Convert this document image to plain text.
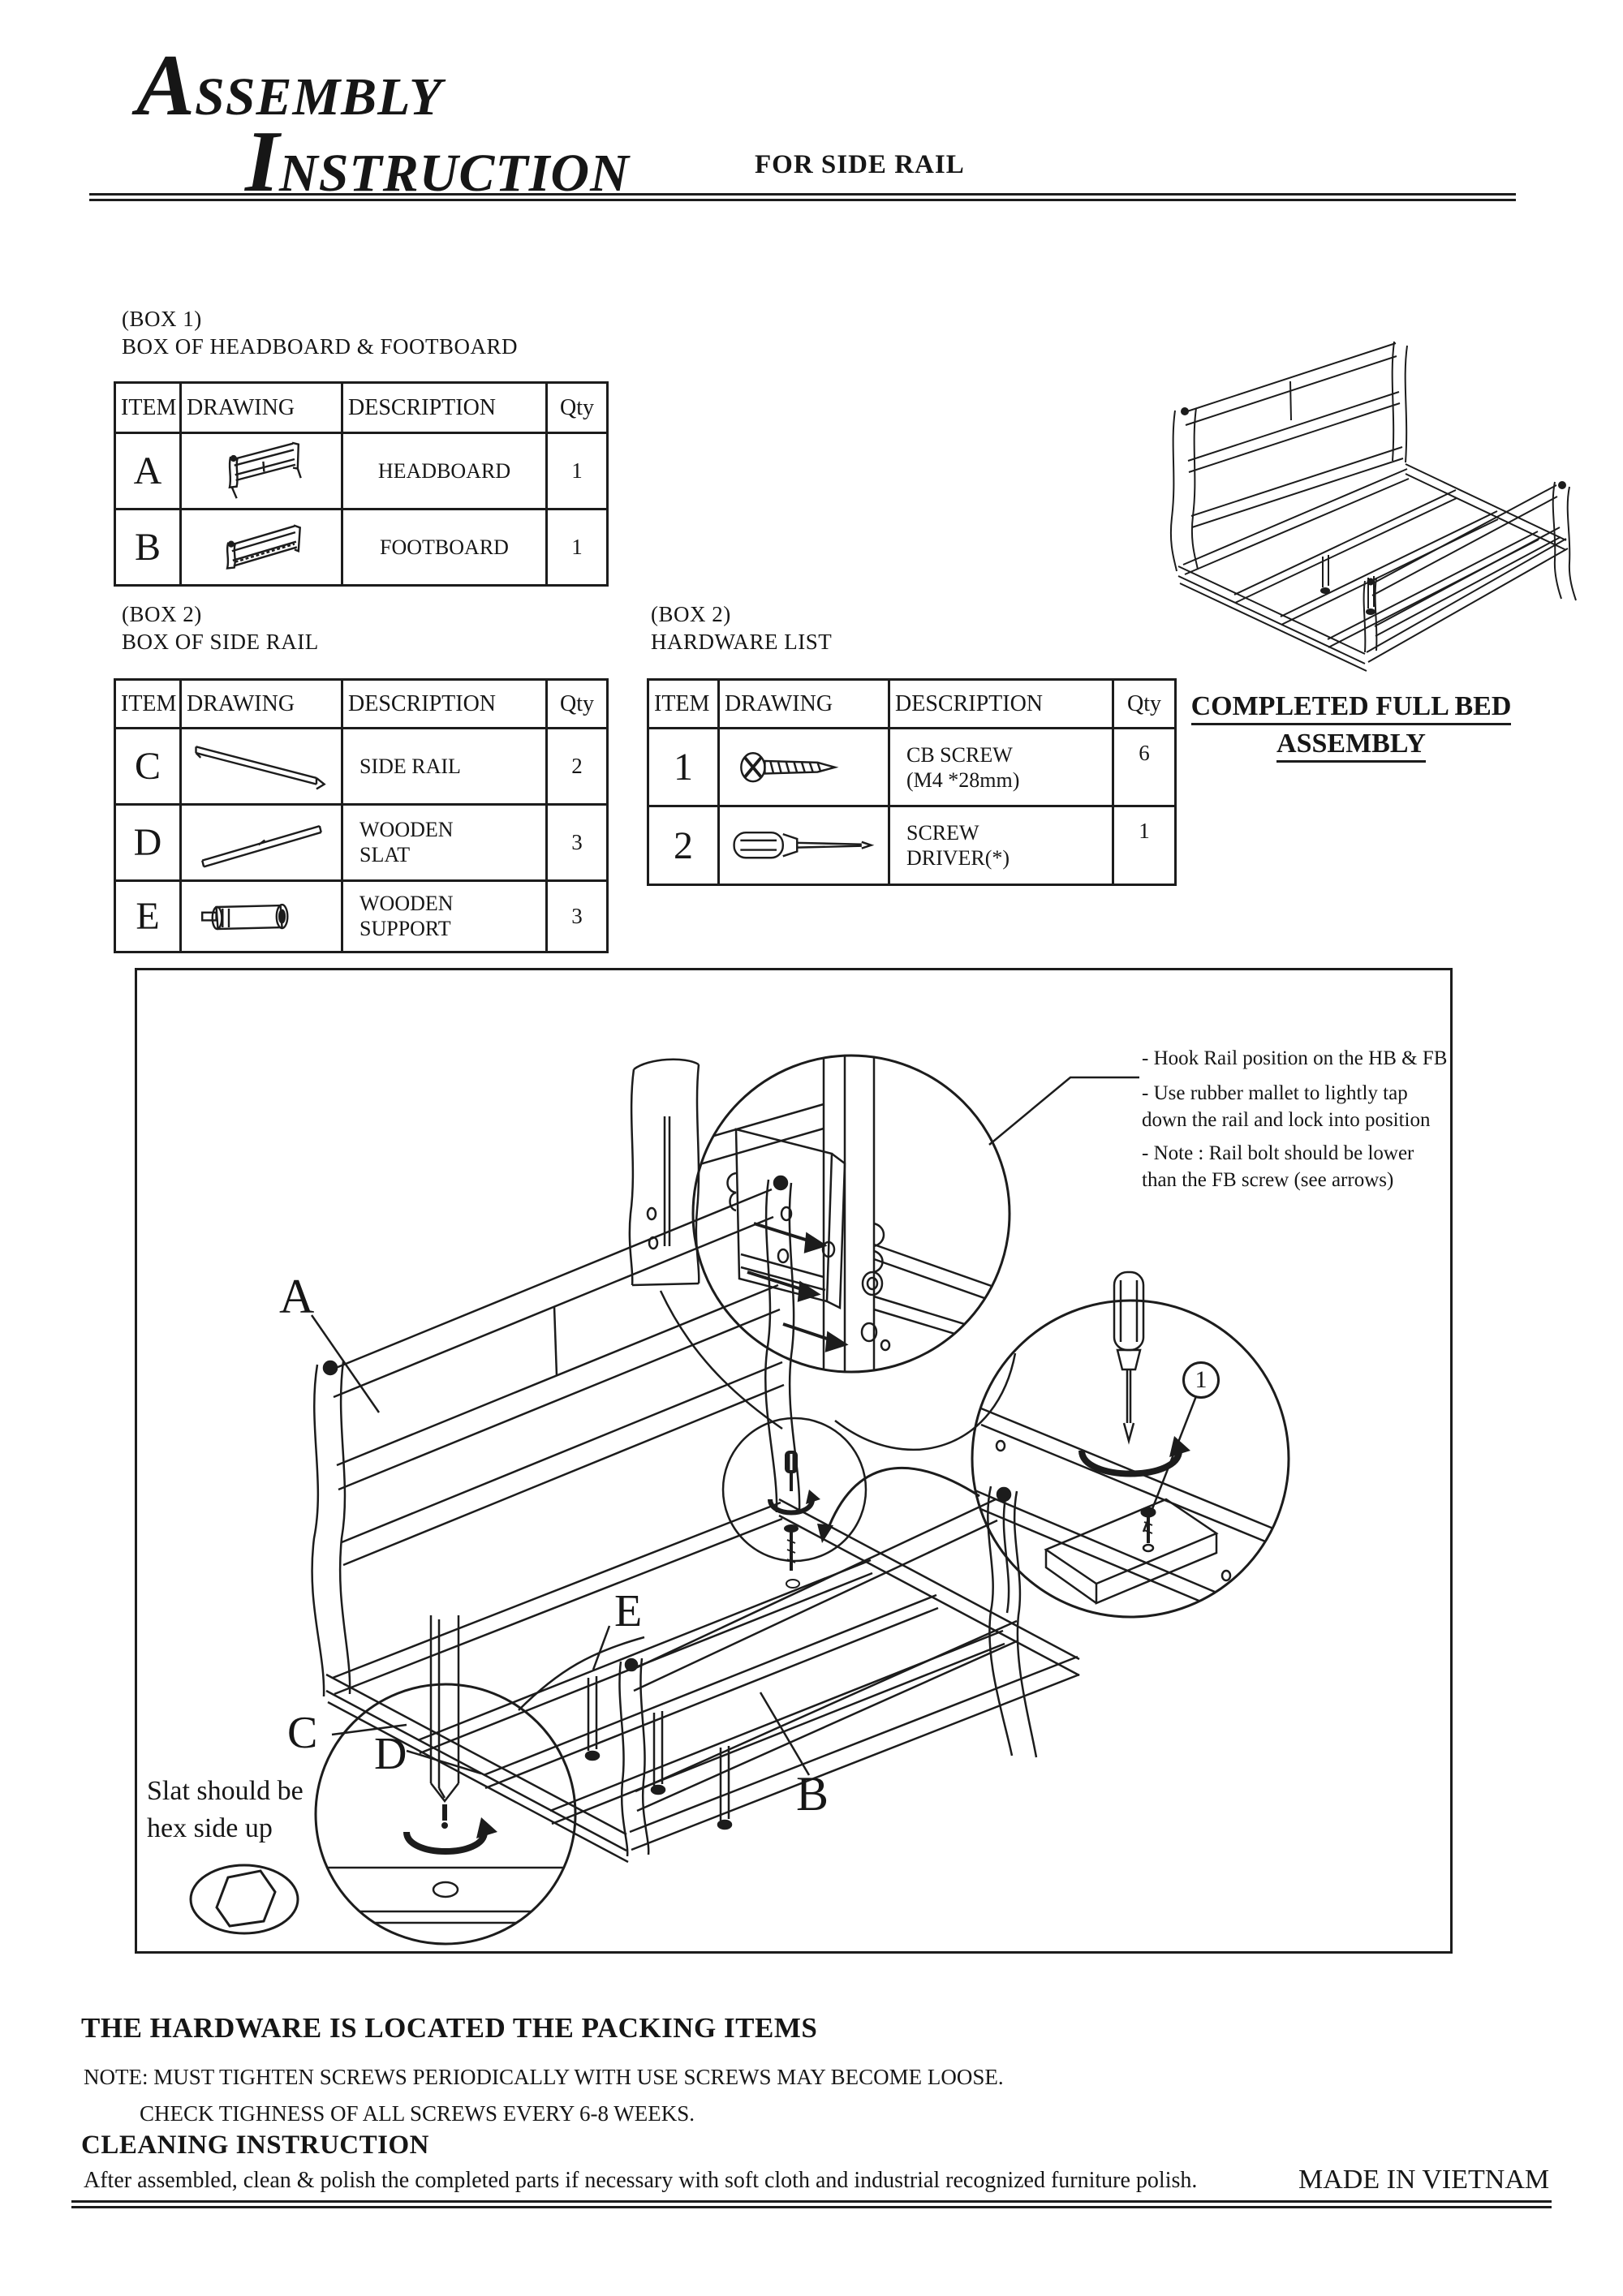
ASSEMBLY
INSTRUCTION	FOR SIDE RAIL
(BOX 1)
BOX OF HEADBOARD & FOOTBOARD
ITEM	DRAWING	DESCRIPTION	Qty
A		HEADBOARD	1
B		FOOTBOARD	1
COMPLETED FULL BED
ASSEMBLY
(BOX 2)
BOX OF SIDE RAIL
ITEM	DRAWING	DESCRIPTION	Qty
C		SIDE RAIL	2
D		WOODEN
SLAT	3
E		WOODEN
SUPPORT	3
(BOX 2)
HARDWARE LIST
ITEM	DRAWING	DESCRIPTION	Qty
1		CB SCREW
(M4 *28mm)	6
2		SCREW
DRIVER(*)	1
A
C D
E
B
1
- Hook Rail position on the HB & FB
- Use rubber mallet to lightly tap
down the rail and lock into position
- Note : Rail bolt should be lower
than the FB screw (see arrows)
Slat should be
hex side up
THE HARDWARE IS LOCATED THE PACKING ITEMS
NOTE: MUST TIGHTEN SCREWS PERIODICALLY WITH USE SCREWS MAY BECOME LOOSE.
CHECK TIGHNESS OF ALL SCREWS EVERY 6-8 WEEKS.
CLEANING INSTRUCTION
After assembled, clean & polish the completed parts if necessary with soft cloth and industrial recognized furniture polish.	MADE IN VIETNAM
